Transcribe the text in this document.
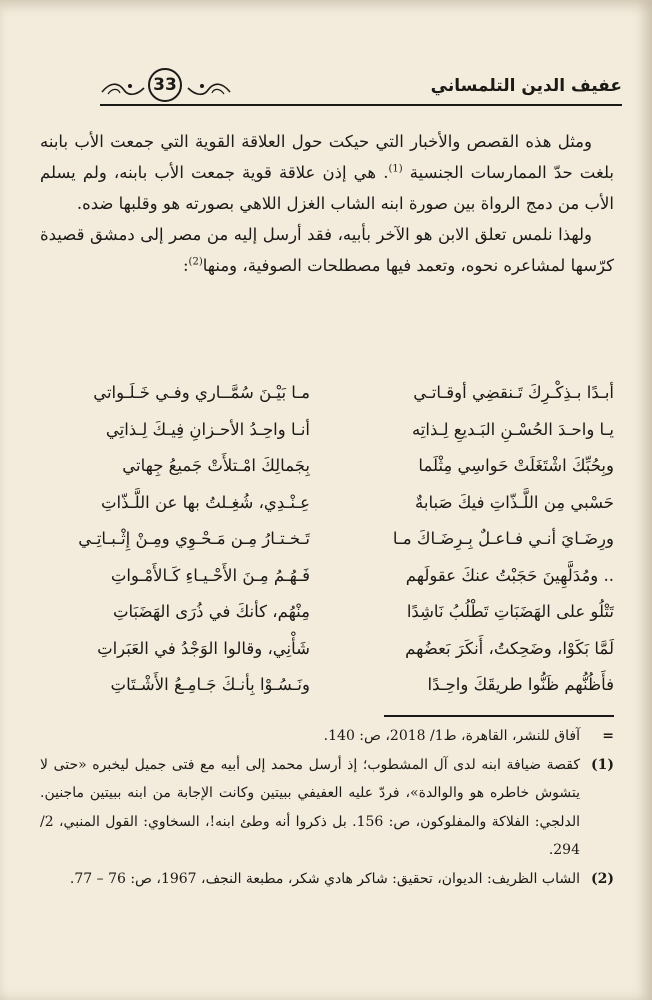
عفيف الدين التلمساني
33

ومثل هذه القصص والأخبار التي حيكت حول العلاقة القوية التي جمعت الأب بابنه بلغت حدّ الممارسات الجنسية $^{(1)}$. هي إذن علاقة قوية جمعت الأب بابنه، ولم يسلم الأب من دمج الرواة بين صورة ابنه الشاب الغزل اللاهي بصورته هو وقلبها ضده.

ولهذا نلمس تعلق الابن هو الآخر بأبيه، فقد أرسل إليه من مصر إلى دمشق قصيدة كرّسها لمشاعره نحوه، وتعمد فيها مصطلحات الصوفية، ومنها$^{(2)}$:

أبـدًا بـذِكْـرِكَ تَـنقضِي أوقـاتـي
مـا بَيْـنَ سُمَّــاري وفـي خَـلَـواتي
يـا واحـدَ الحُسْـنِ البَـديعِ لِـذاتِه
أنـا واحِـدُ الأحـزانِ فِيـكَ لِـذاتِي
وبِحُبِّكَ اشْتَغَلَتْ حَواسِي مِثْلَما
بِجَمالِكَ امْـتلأَتْ جَميعُ جِهاتي
حَسْبي مِن اللَّـذّاتِ فيكَ صَبابةٌ
عِـنْـدِي، شُغِـلتُ بها عن اللَّـذّاتِ
ورِضَـايَ أنـي فـاعـلٌ بِـرِضَـاكَ مـا
تَـخـتـارُ مِـن مَـحْـوِي ومِـنْ إِثْـبـاتِـي
.. ومُدَلَّهِينَ حَجَبْتُ عنكَ عقولَهم
فَـهُـمُ مِـنَ الأَحْـيـاءِ كَـالأَمْـواتِ
تَتْلُو على الهَضَبَاتِ تَطْلُبُ نَاشِدًا
مِنْهُم، كأنكَ في ذُرَى الهَضَبَاتِ
لَمَّا بَكَوْا، وضَحِكتُ، أَنكَرَ بَعضُهم
شَأْنِي، وقالوا الوَجْدُ في العَبَراتِ
فأَظُنُّهم ظَنُّوا طريقَكَ واحِـدًا
ونَـسُـوْا بِأنـكَ جَـامِـعُ الأَشْـتَاتِ
=
آفاق للنشر، القاهرة، ط1/ 2018، ص: 140.
(1)
كقصة ضيافة ابنه لدى آل المشطوب؛ إذ أرسل محمد إلى أبيه مع فتى جميل ليخبره «حتى لا يتشوش خاطره هو والوالدة»، فردّ عليه العفيفي ببيتين وكانت الإجابة من ابنه ببيتين ماجنين. الدلجي: الفلاكة والمفلوكون، ص: 156. بل ذكروا أنه وطئ ابنه!، السخاوي: القول المنبي، 2/ 294.
(2)
الشاب الظريف: الديوان، تحقيق: شاكر هادي شكر، مطبعة النجف، 1967، ص: 76 – 77.
